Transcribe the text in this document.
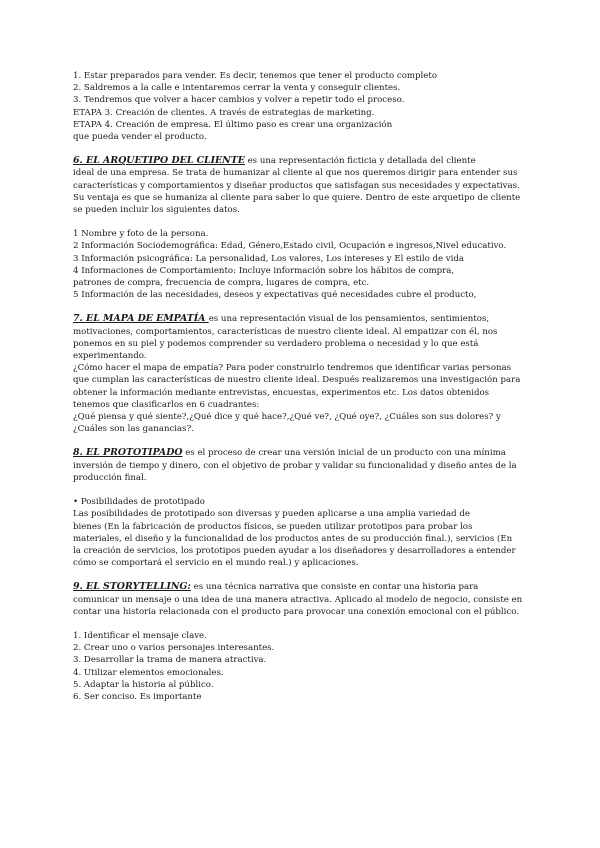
1. Estar preparados para vender. Es decir, tenemos que tener el producto completo
2. Saldremos a la calle e intentaremos cerrar la venta y conseguir clientes.
3. Tendremos que volver a hacer cambios y volver a repetir todo el proceso.
ETAPA 3. Creación de clientes. A través de estrategias de marketing.
ETAPA 4. Creación de empresa. El último paso es crear una organización
que pueda vender el producto.
6. EL ARQUETIPO DEL CLIENTE es una representación ficticia y detallada del cliente
ideal de una empresa. Se trata de humanizar al cliente al que nos queremos dirigir para entender sus
características y comportamientos y diseñar productos que satisfagan sus necesidades y expectativas.
Su ventaja es que se humaniza al cliente para saber lo que quiere. Dentro de este arquetipo de cliente
se pueden incluir los siguientes datos.
1 Nombre y foto de la persona.
2 Información Sociodemográfica: Edad, Género,Estado civil, Ocupación e ingresos,Nivel educativo.
3 Información psicográfica: La personalidad, Los valores, Los intereses y El estilo de vida
4 Informaciones de Comportamiento: Incluye información sobre los hábitos de compra,
patrones de compra, frecuencia de compra, lugares de compra, etc.
5 Información de las necesidades, deseos y expectativas qué necesidades cubre el producto,
7. EL MAPA DE EMPATÍA es una representación visual de los pensamientos, sentimientos,
motivaciones, comportamientos, características de nuestro cliente ideal. Al empatizar con él, nos
ponemos en su piel y podemos comprender su verdadero problema o necesidad y lo que está
experimentando.
¿Cómo hacer el mapa de empatía? Para poder construirlo tendremos que identificar varias personas
que cumplan las características de nuestro cliente ideal. Después realizaremos una investigación para
obtener la información mediante entrevistas, encuestas, experimentos etc. Los datos obtenidos
tenemos que clasificarlos en 6 cuadrantes:
¿Qué piensa y qué siente?,¿Qué dice y qué hace?,¿Qué ve?, ¿Qué oye?, ¿Cuáles son sus dolores? y
¿Cuáles son las ganancias?.
8. EL PROTOTIPADO es el proceso de crear una versión inicial de un producto con una mínima
inversión de tiempo y dinero, con el objetivo de probar y validar su funcionalidad y diseño antes de la
producción final.
• Posibilidades de prototipado
Las posibilidades de prototipado son diversas y pueden aplicarse a una amplia variedad de
bienes (En la fabricación de productos físicos, se pueden utilizar prototipos para probar los
materiales, el diseño y la funcionalidad de los productos antes de su producción final.), servicios (En
la creación de servicios, los prototipos pueden ayudar a los diseñadores y desarrolladores a entender
cómo se comportará el servicio en el mundo real.) y aplicaciones.
9. EL STORYTELLING: es una técnica narrativa que consiste en contar una historia para
comunicar un mensaje o una idea de una manera atractiva. Aplicado al modelo de negocio, consiste en
contar una historia relacionada con el producto para provocar una conexión emocional con el público.
1. Identificar el mensaje clave.
2. Crear uno o varios personajes interesantes.
3. Desarrollar la trama de manera atractiva.
4. Utilizar elementos emocionales.
5. Adaptar la historia al público.
6. Ser conciso. Es importante
